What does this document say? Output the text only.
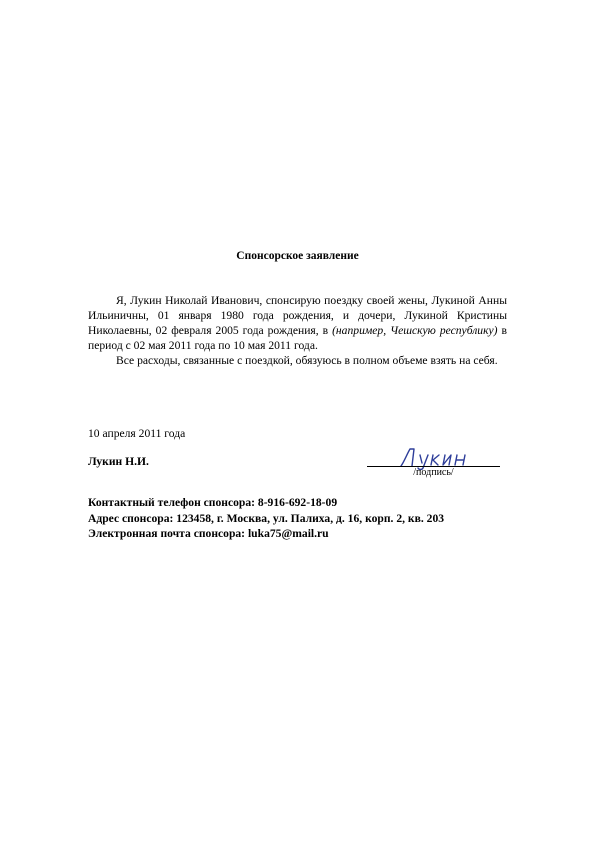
Спонсорское заявление

Я, Лукин Николай Иванович, спонсирую поездку своей жены, Лукиной Анны Ильиничны, 01 января 1980 года рождения, и дочери, Лукиной Кристины Николаевны, 02 февраля 2005 года рождения, в (например, Чешскую республику) в период с 02 мая 2011 года по 10 мая 2011 года.

Все расходы, связанные с поездкой, обязуюсь в полном объеме взять на себя.

10 апреля 2011 года
Лукин Н.И.
/подпись/
Контактный телефон спонсора: 8-916-692-18-09
Адрес спонсора: 123458, г. Москва, ул. Палиха, д. 16, корп. 2, кв. 203
Электронная почта спонсора: luka75@mail.ru
